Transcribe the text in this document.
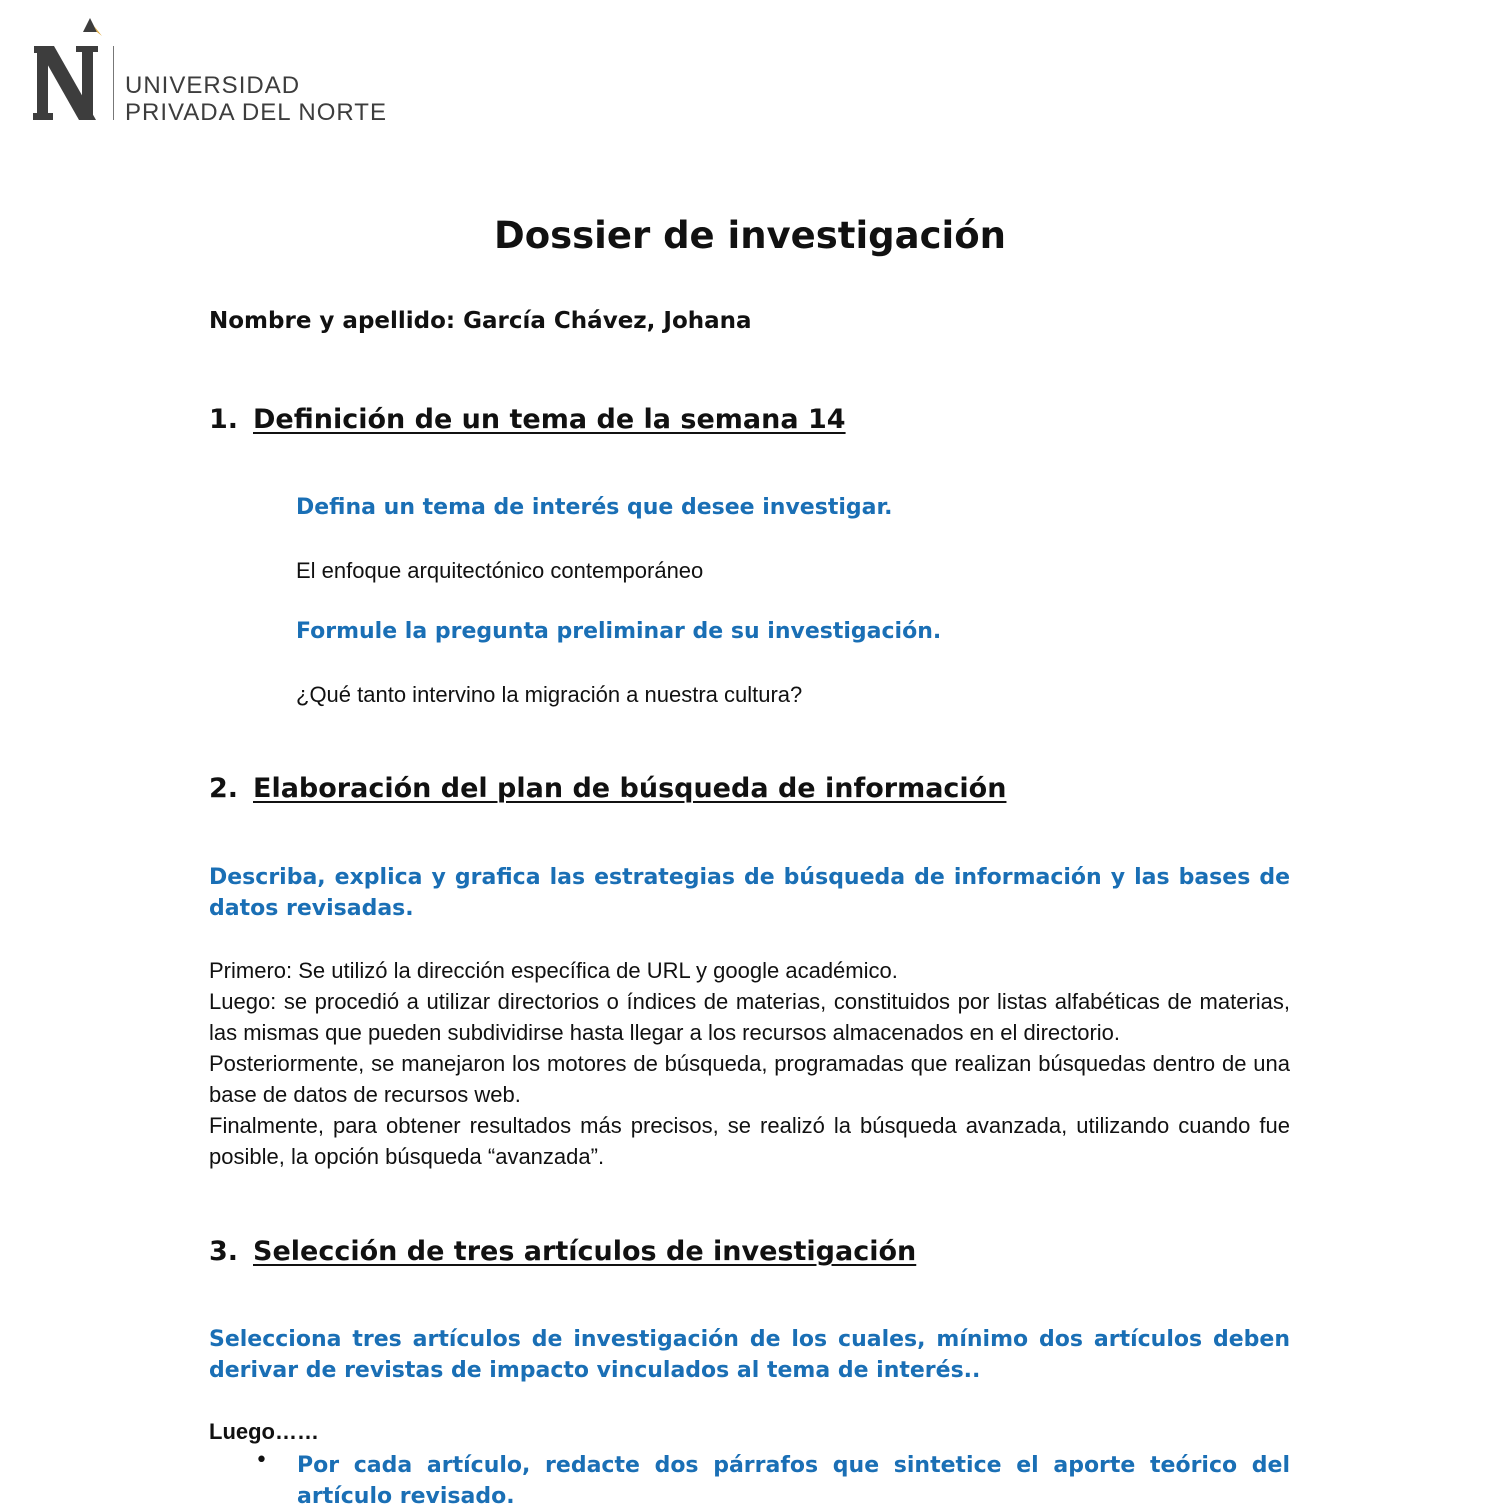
UNIVERSIDAD
PRIVADA DEL NORTE
Dossier de investigación
Nombre y apellido: García Chávez, Johana
1. Definición de un tema de la semana 14
Defina un tema de interés que desee investigar.
El enfoque arquitectónico contemporáneo
Formule la pregunta preliminar de su investigación.
¿Qué tanto intervino la migración a nuestra cultura?
2. Elaboración del plan de búsqueda de información
Describa, explica y grafica las estrategias de búsqueda de información y las bases de datos revisadas.
Primero: Se utilizó la dirección específica de URL y google académico.
Luego: se procedió a utilizar directorios o índices de materias, constituidos por listas alfabéticas de materias, las mismas que pueden subdividirse hasta llegar a los recursos almacenados en el directorio.
Posteriormente, se manejaron los motores de búsqueda, programadas que realizan búsquedas dentro de una base de datos de recursos web.
Finalmente, para obtener resultados más precisos, se realizó la búsqueda avanzada, utilizando cuando fue posible, la opción búsqueda “avanzada”.
3. Selección de tres artículos de investigación
Selecciona tres artículos de investigación de los cuales, mínimo dos artículos deben derivar de revistas de impacto vinculados al tema de interés..
Luego……
• Por cada artículo, redacte dos párrafos que sintetice el aporte teórico del artículo revisado.
